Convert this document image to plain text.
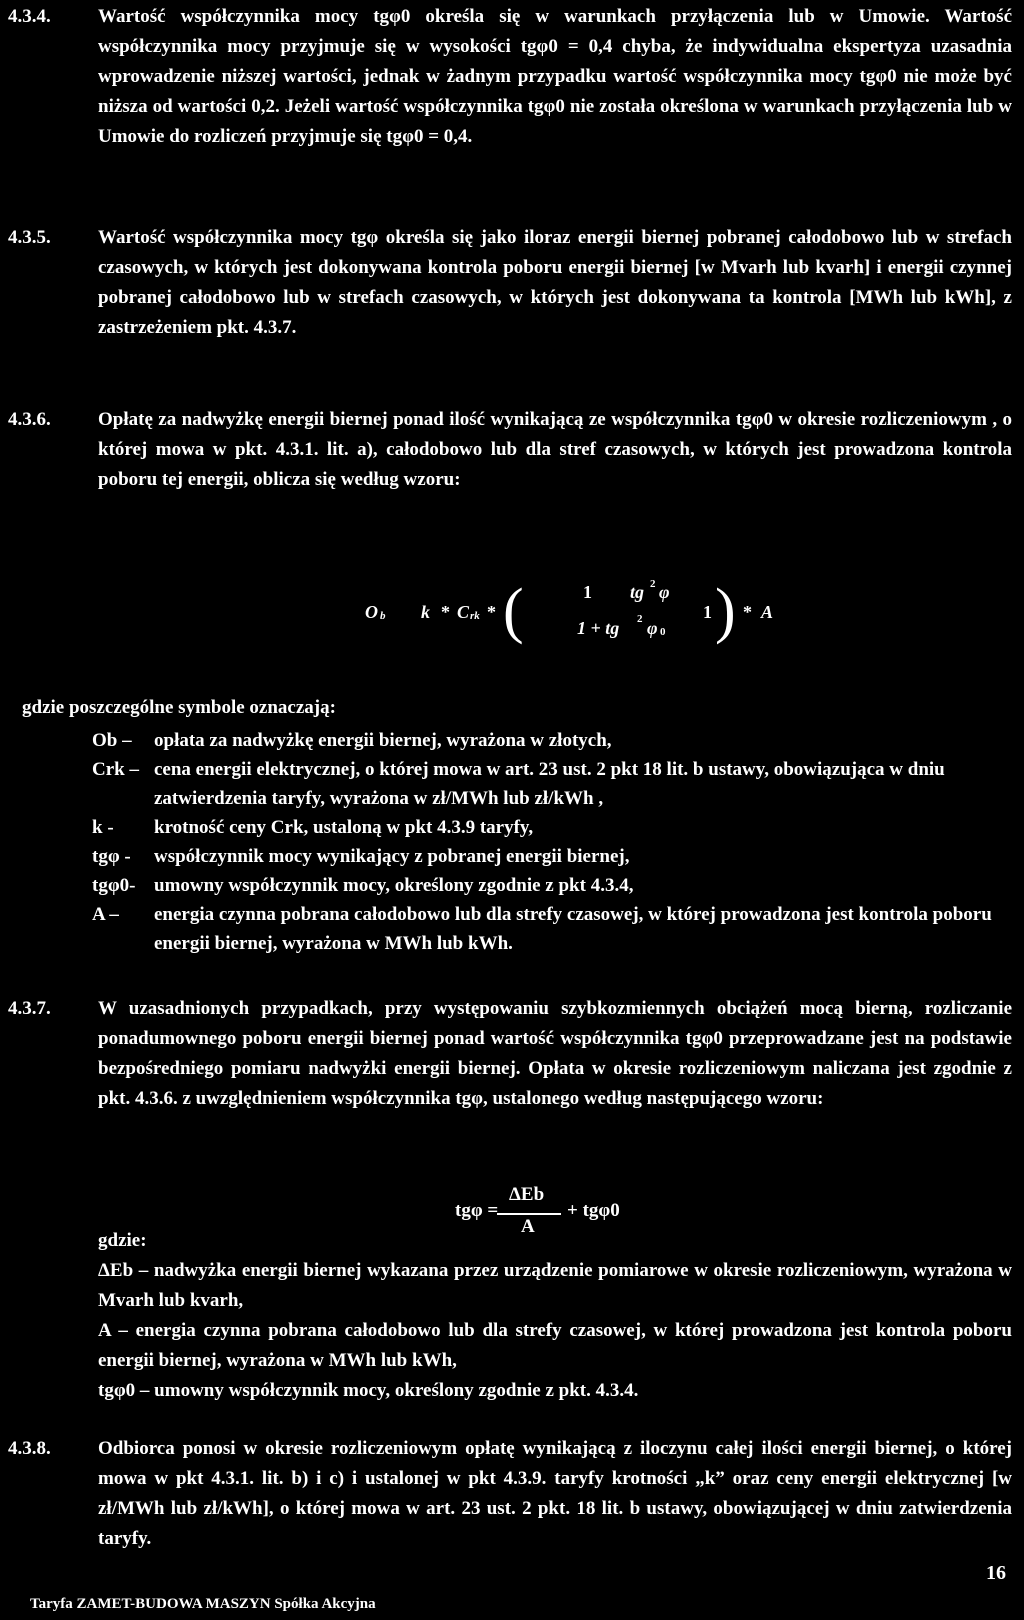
4.3.4.	Wartość współczynnika mocy tgφ0 określa się w warunkach przyłączenia lub w Umowie. Wartość współczynnika mocy przyjmuje się w wysokości tgφ0 = 0,4 chyba, że indywidualna ekspertyza uzasadnia wprowadzenie niższej wartości, jednak w żadnym przypadku wartość współczynnika mocy tgφ0 nie może być niższa od wartości 0,2. Jeżeli wartość współczynnika tgφ0 nie została określona w warunkach przyłączenia lub w Umowie do rozliczeń przyjmuje się tgφ0 = 0,4.
4.3.5.	Wartość współczynnika mocy tgφ określa się jako iloraz energii biernej pobranej całodobowo lub w strefach czasowych, w których jest dokonywana kontrola poboru energii biernej [w Mvarh lub kvarh] i energii czynnej pobranej całodobowo lub w strefach czasowych, w których jest dokonywana ta kontrola [MWh lub kWh], z zastrzeżeniem pkt. 4.3.7.
4.3.6.	Opłatę za nadwyżkę energii biernej ponad ilość wynikającą ze współczynnika tgφ0 w okresie rozliczeniowym , o której mowa w pkt. 4.3.1. lit. a), całodobowo lub dla stref czasowych, w których jest prowadzona kontrola poboru tej energii, oblicza się według wzoru:
O b k * C rk * (	1 tg 2 φ
1 + tg 2 φ 0
1 ) * A
gdzie poszczególne symbole oznaczają:
Ob – opłata za nadwyżkę energii biernej, wyrażona w złotych,
Crk – cena energii elektrycznej, o której mowa w art. 23 ust. 2 pkt 18 lit. b ustawy, obowiązująca w dniu zatwierdzenia taryfy, wyrażona w zł/MWh lub zł/kWh ,
k - krotność ceny Crk, ustaloną w pkt 4.3.9 taryfy,
tgφ - współczynnik mocy wynikający z pobranej energii biernej,
tgφ0- umowny współczynnik mocy, określony zgodnie z pkt 4.3.4,
A – energia czynna pobrana całodobowo lub dla strefy czasowej, w której prowadzona jest kontrola poboru energii biernej, wyrażona w MWh lub kWh.
4.3.7.	W uzasadnionych przypadkach, przy występowaniu szybkozmiennych obciążeń mocą bierną, rozliczanie ponadumownego poboru energii biernej ponad wartość współczynnika tgφ0 przeprowadzane jest na podstawie bezpośredniego pomiaru nadwyżki energii biernej. Opłata w okresie rozliczeniowym naliczana jest zgodnie z pkt. 4.3.6. z uwzględnieniem współczynnika tgφ, ustalonego według następującego wzoru:
tgφ =
ΔEb
A
+ tgφ0
gdzie:
ΔEb – nadwyżka energii biernej wykazana przez urządzenie pomiarowe w okresie rozliczeniowym, wyrażona w Mvarh lub kvarh,
A – energia czynna pobrana całodobowo lub dla strefy czasowej, w której prowadzona jest kontrola poboru energii biernej, wyrażona w MWh lub kWh,
tgφ0 – umowny współczynnik mocy, określony zgodnie z pkt. 4.3.4.
4.3.8.	Odbiorca ponosi w okresie rozliczeniowym opłatę wynikającą z iloczynu całej ilości energii biernej, o której mowa w pkt 4.3.1. lit. b) i c) i ustalonej w pkt 4.3.9. taryfy krotności „k” oraz ceny energii elektrycznej [w zł/MWh lub zł/kWh], o której mowa w art. 23 ust. 2 pkt. 18 lit. b ustawy, obowiązującej w dniu zatwierdzenia taryfy.
16
Taryfa ZAMET-BUDOWA MASZYN Spółka Akcyjna
